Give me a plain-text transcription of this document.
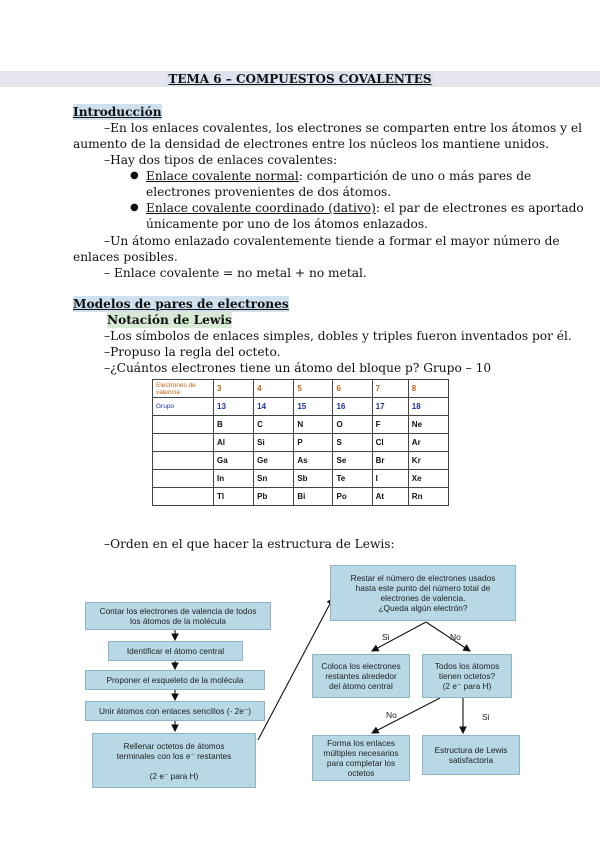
TEMA 6 – COMPUESTOS COVALENTES
Introducción
–En los enlaces covalentes, los electrones se comparten entre los átomos y el
aumento de la densidad de electrones entre los núcleos los mantiene unidos.
–Hay dos tipos de enlaces covalentes:
● Enlace covalente normal: compartición de uno o más pares de
electrones provenientes de dos átomos.
● Enlace covalente coordinado (dativo): el par de electrones es aportado
únicamente por uno de los átomos enlazados.
–Un átomo enlazado covalentemente tiende a formar el mayor número de
enlaces posibles.
– Enlace covalente = no metal + no metal.
Modelos de pares de electrones
Notación de Lewis
–Los símbolos de enlaces simples, dobles y triples fueron inventados por él.
–Propuso la regla del octeto.
–¿Cuántos electrones tiene un átomo del bloque p? Grupo – 10
Electrones de valencia	3	4	5	6	7	8
Grupo	13	14	15	16	17	18
	B	C	N	O	F	Ne
	Al	Si	P	S	Cl	Ar
	Ga	Ge	As	Se	Br	Kr
	In	Sn	Sb	Te	I	Xe
	Tl	Pb	Bi	Po	At	Rn
–Orden en el que hacer la estructura de Lewis:
Contar los electrones de valencia de todos
los átomos de la molécula
Identificar el átomo central
Proponer el esqueleto de la molécula
Unir átomos con enlaces sencillos (- 2e⁻)
Rellenar octetos de átomos
terminales con los e⁻ restantes

(2 e⁻ para H)
Restar el número de electrones usados
hasta este punto del número total de
electrones de valencia.
¿Queda algún electrón?
Coloca los electrones
restantes alrededor
del átomo central
Todos los átomos
tienen octetos?
(2 e⁻ para H)
Forma los enlaces
múltiples necesarios
para completar los
octetos
Estructura de Lewis
satisfactoria
Si	No
No	Si
